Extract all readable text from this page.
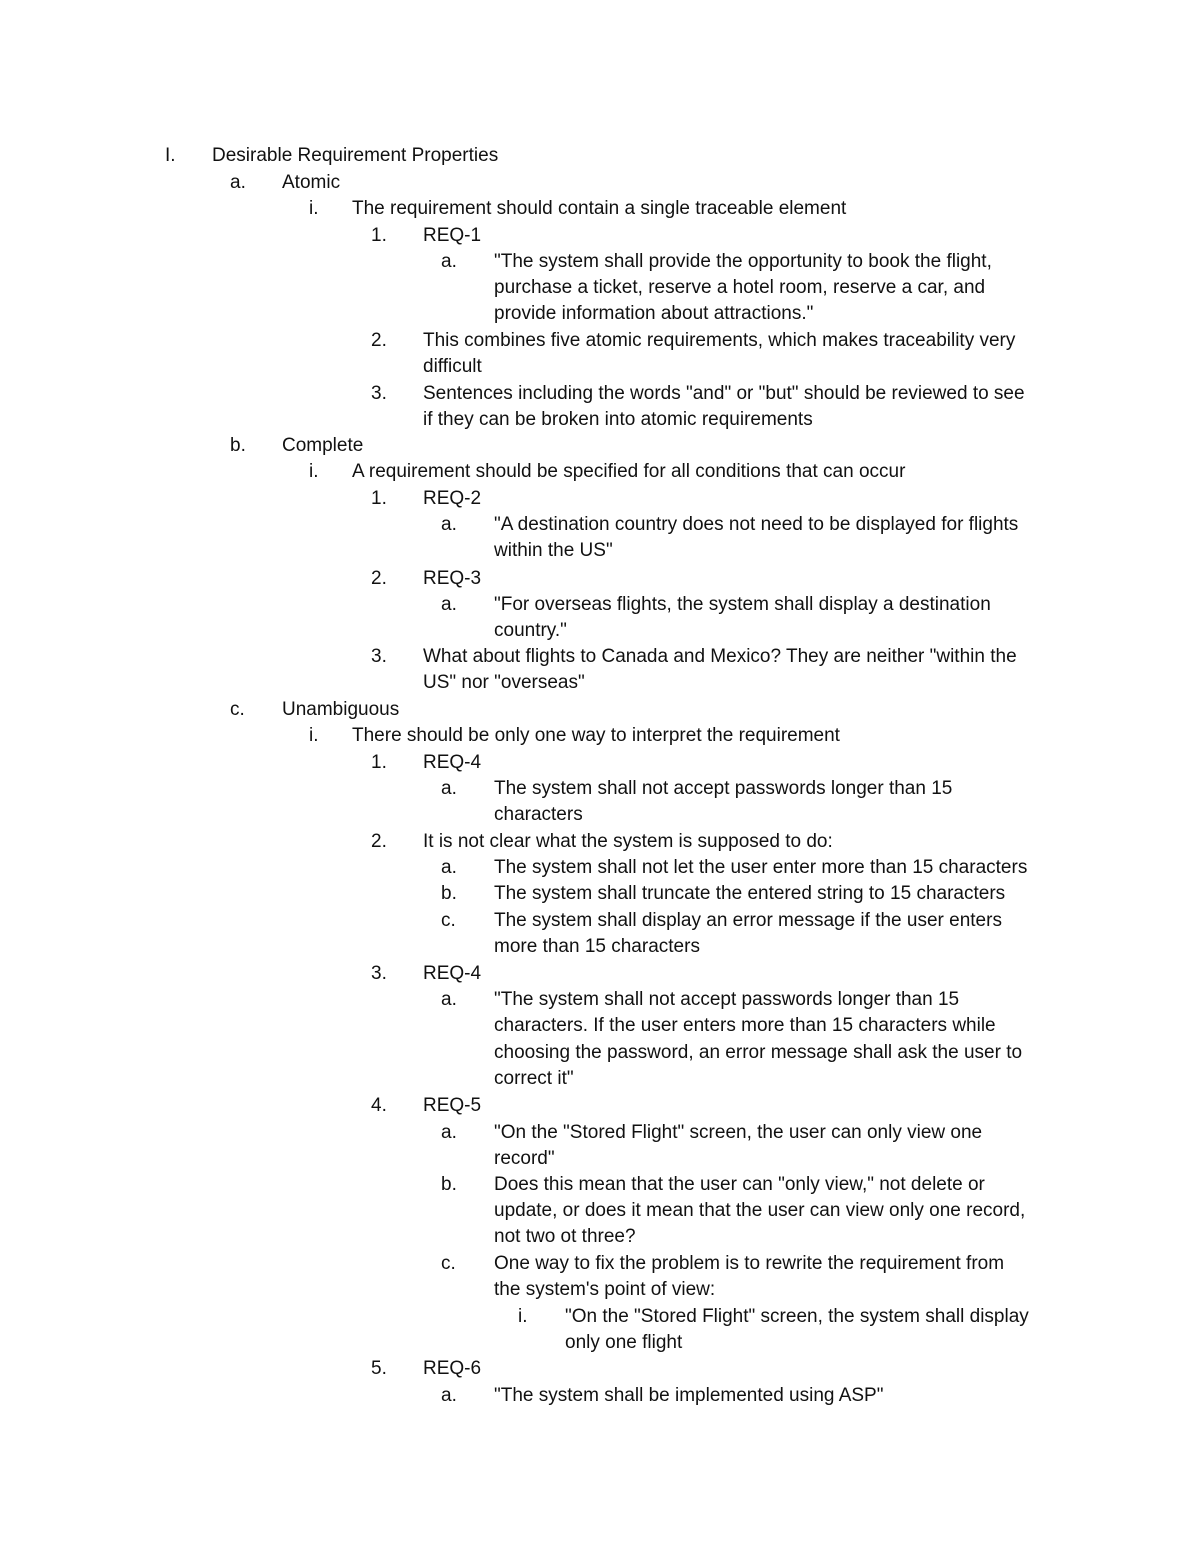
I. Desirable Requirement Properties
a. Atomic
i. The requirement should contain a single traceable element
1. REQ-1
a. "The system shall provide the opportunity to book the flight,
purchase a ticket, reserve a hotel room, reserve a car, and
provide information about attractions."
2. This combines five atomic requirements, which makes traceability very
difficult
3. Sentences including the words "and" or "but" should be reviewed to see
if they can be broken into atomic requirements
b. Complete
i. A requirement should be specified for all conditions that can occur
1. REQ-2
a. "A destination country does not need to be displayed for flights
within the US"
2. REQ-3
a. "For overseas flights, the system shall display a destination
country."
3. What about flights to Canada and Mexico? They are neither "within the
US" nor "overseas"
c. Unambiguous
i. There should be only one way to interpret the requirement
1. REQ-4
a. The system shall not accept passwords longer than 15
characters
2. It is not clear what the system is supposed to do:
a. The system shall not let the user enter more than 15 characters
b. The system shall truncate the entered string to 15 characters
c. The system shall display an error message if the user enters
more than 15 characters
3. REQ-4
a. "The system shall not accept passwords longer than 15
characters. If the user enters more than 15 characters while
choosing the password, an error message shall ask the user to
correct it"
4. REQ-5
a. "On the "Stored Flight" screen, the user can only view one
record"
b. Does this mean that the user can "only view," not delete or
update, or does it mean that the user can view only one record,
not two ot three?
c. One way to fix the problem is to rewrite the requirement from
the system's point of view:
i. "On the "Stored Flight" screen, the system shall display
only one flight
5. REQ-6
a. "The system shall be implemented using ASP"
